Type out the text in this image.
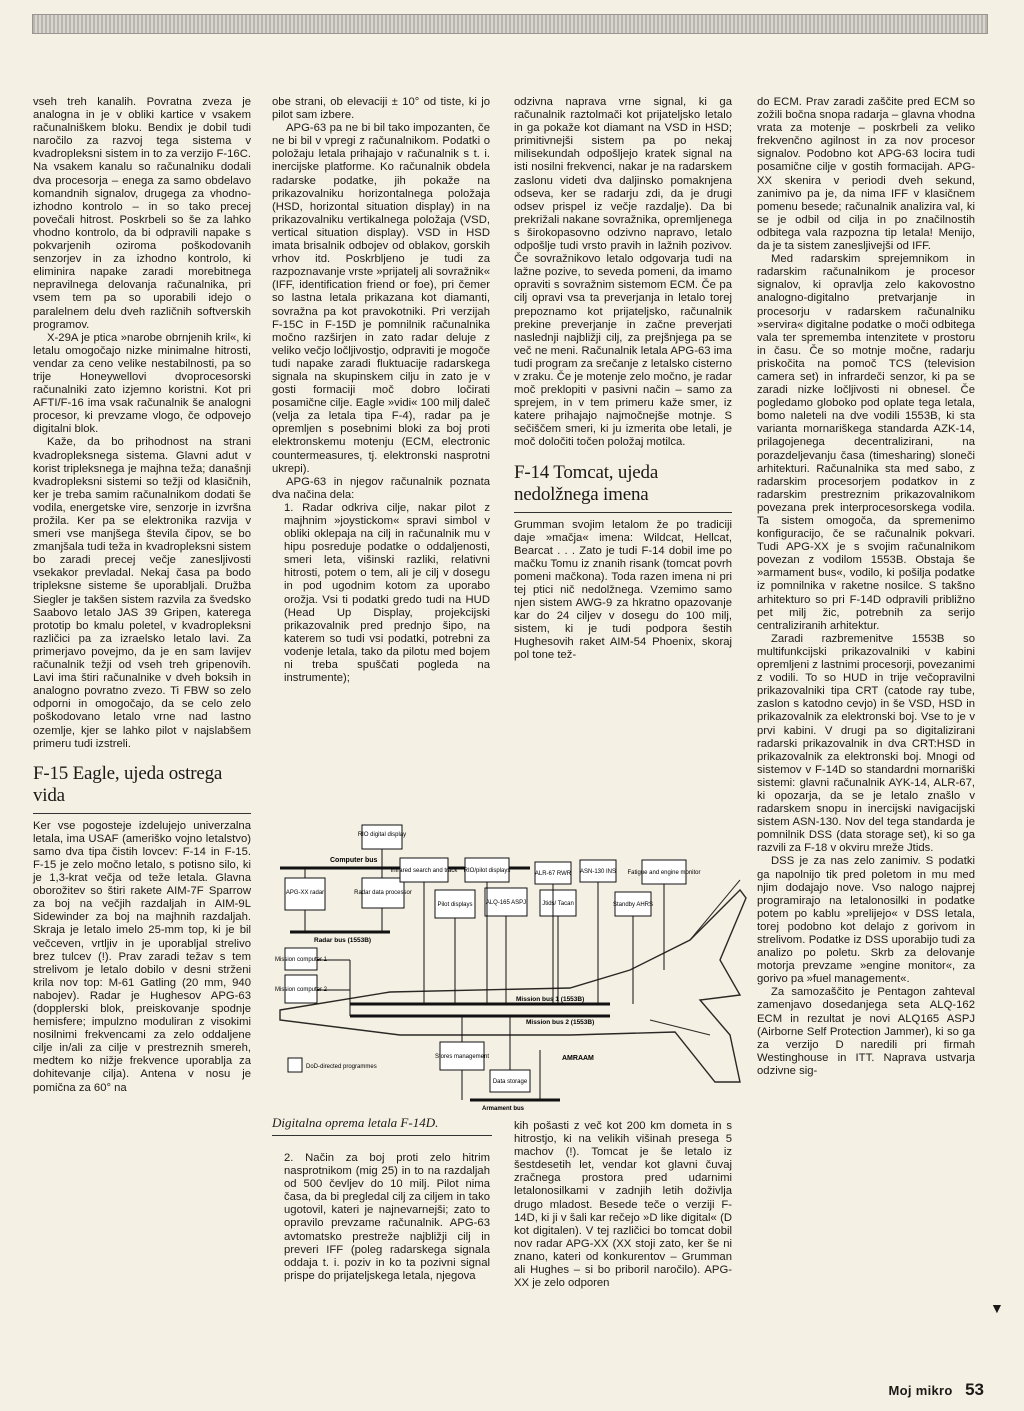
vseh treh kanalih. Povratna zveza je analogna in je v obliki kartice v vsakem računalniškem bloku. Bendix je dobil tudi naročilo za razvoj tega sistema v kvadropleksni sistem in to za verzijo F-16C. Na vsakem kanalu so računalniku dodali dva procesorja – enega za samo obdelavo komandnih signalov, drugega za vhodno-izhodno kontrolo – in so tako precej povečali hitrost. Poskrbeli so še za lahko vhodno kontrolo, da bi odpravili napake s pokvarjenih oziroma poškodovanih senzorjev in za izhodno kontrolo, ki eliminira napake zaradi morebitnega nepravilnega delovanja računalnika, pri vsem tem pa so uporabili idejo o paralelnem delu dveh različnih softverskih programov.

X-29A je ptica »narobe obrnjenih kril«, ki letalu omogočajo nizke minimalne hitrosti, vendar za ceno velike nestabilnosti, pa so trije Honeywellovi dvoprocesorski računalniki zato izjemno koristni. Kot pri AFTI/F-16 ima vsak računalnik še analogni procesor, ki prevzame vlogo, če odpovejo digitalni blok.

Kaže, da bo prihodnost na strani kvadropleksnega sistema. Glavni adut v korist tripleksnega je majhna teža; današnji kvadropleksni sistemi so težji od klasičnih, ker je treba samim računalnikom dodati še vodila, energetske vire, senzorje in izvršna prožila. Ker pa se elektronika razvija v smeri vse manjšega števila čipov, se bo zmanjšala tudi teža in kvadropleksni sistem bo zaradi precej večje zanesljivosti vsekakor prevladal. Nekaj časa pa bodo tripleksne sisteme še uporabljali. Družba Siegler je takšen sistem razvila za švedsko Saabovo letalo JAS 39 Gripen, katerega prototip bo kmalu poletel, v kvadropleksni različici pa za izraelsko letalo lavi. Za primerjavo povejmo, da je en sam lavijev računalnik težji od vseh treh gripenovih. Lavi ima štiri računalnike v dveh boksih in analogno povratno zvezo. Ti FBW so zelo odporni in omogočajo, da se celo zelo poškodovano letalo vrne nad lastno ozemlje, kjer se lahko pilot v najslabšem primeru tudi izstreli.

F-15 Eagle, ujeda ostrega vida

Ker vse pogosteje izdelujejo univerzalna letala, ima USAF (ameriško vojno letalstvo) samo dva tipa čistih lovcev: F-14 in F-15. F-15 je zelo močno letalo, s potisno silo, ki je 1,3-krat večja od teže letala. Glavna oborožitev so štiri rakete AIM-7F Sparrow za boj na večjih razdaljah in AIM-9L Sidewinder za boj na majhnih razdaljah. Skraja je letalo imelo 25-mm top, ki je bil večceven, vrtljiv in je uporabljal strelivo brez tulcev (!). Prav zaradi težav s tem strelivom je letalo dobilo v desni strženi krila nov top: M-61 Gatling (20 mm, 940 nabojev). Radar je Hughesov APG-63 (dopplerski blok, preiskovanje spodnje hemisfere; impulzno moduliran z visokimi nosilnimi frekvencami za zelo oddaljene cilje in/ali za cilje v prestreznih smereh, medtem ko nižje frekvence uporablja za dohitevanje cilja). Antena v nosu je pomična za 60° na

obe strani, ob elevaciji ± 10° od tiste, ki jo pilot sam izbere.

APG-63 pa ne bi bil tako impozanten, če ne bi bil v vpregi z računalnikom. Podatki o položaju letala prihajajo v računalnik s t. i. inercijske platforme. Ko računalnik obdela radarske podatke, jih pokaže na prikazovalniku horizontalnega položaja (HSD, horizontal situation display) in na prikazovalniku vertikalnega položaja (VSD, vertical situation display). VSD in HSD imata brisalnik odbojev od oblakov, gorskih vrhov itd. Poskrbljeno je tudi za razpoznavanje vrste »prijatelj ali sovražnik« (IFF, identification friend or foe), pri čemer so lastna letala prikazana kot diamanti, sovražna pa kot pravokotniki. Pri verzijah F-15C in F-15D je pomnilnik računalnika močno razširjen in zato radar deluje z veliko večjo ločljivostjo, odpraviti je mogoče tudi napake zaradi fluktuacije radarskega signala na skupinskem cilju in zato je v gosti formaciji moč dobro ločirati posamične cilje. Eagle »vidi« 100 milj daleč (velja za letala tipa F-4), radar pa je opremljen s posebnimi bloki za boj proti elektronskemu motenju (ECM, electronic countermeasures, tj. elektronski nasprotni ukrepi).

APG-63 in njegov računalnik poznata dva načina dela:

1. Radar odkriva cilje, nakar pilot z majhnim »joystickom« spravi simbol v obliki oklepaja na cilj in računalnik mu v hipu posreduje podatke o oddaljenosti, smeri leta, višinski razliki, relativni hitrosti, potem o tem, ali je cilj v dosegu in pod ugodnim kotom za uporabo orožja. Vsi ti podatki gredo tudi na HUD (Head Up Display, projekcijski prikazovalnik pred prednjo šipo, na katerem so tudi vsi podatki, potrebni za vodenje letala, tako da pilotu med bojem ni treba spuščati pogleda na instrumente);

odzivna naprava vrne signal, ki ga računalnik raztolmači kot prijateljsko letalo in ga pokaže kot diamant na VSD in HSD; primitivnejši sistem pa po nekaj milisekundah odpošljejo kratek signal na isti nosilni frekvenci, nakar je na radarskem zaslonu videti dva daljinsko pomaknjena odseva, ker se radarju zdi, da je drugi odsev prispel iz večje razdalje). Da bi prekrižali nakane sovražnika, opremljenega s širokopasovno odzivno napravo, letalo odpošlje tudi vrsto pravih in lažnih pozivov. Če sovražnikovo letalo odgovarja tudi na lažne pozive, to seveda pomeni, da imamo opraviti s sovražnim sistemom ECM. Če pa cilj opravi vsa ta preverjanja in letalo torej prepoznamo kot prijateljsko, računalnik prekine preverjanje in začne preverjati naslednji najbližji cilj, za prejšnjega pa se več ne meni. Računalnik letala APG-63 ima tudi program za srečanje z letalsko cisterno v zraku. Če je motenje zelo močno, je radar moč preklopiti v pasivni način – samo za sprejem, in v tem primeru kaže smer, iz katere prihajajo najmočnejše motnje. S sečiščem smeri, ki ju izmerita obe letali, je moč določiti točen položaj motilca.

F-14 Tomcat, ujeda nedolžnega imena

Grumman svojim letalom že po tradiciji daje »mačja« imena: Wildcat, Hellcat, Bearcat . . . Zato je tudi F-14 dobil ime po mačku Tomu iz znanih risank (tomcat povrh pomeni mačkona). Toda razen imena ni pri tej ptici nič nedolžnega. Vzemimo samo njen sistem AWG-9 za hkratno opazovanje kar do 24 ciljev v dosegu do 100 milj, sistem, ki je tudi podpora šestih Hughesovih raket AIM-54 Phoenix, skoraj pol tone tež-

do ECM. Prav zaradi zaščite pred ECM so zožili bočna snopa radarja – glavna vhodna vrata za motenje – poskrbeli za veliko frekvenčno agilnost in za nov procesor signalov. Podobno kot APG-63 locira tudi posamične cilje v gostih formacijah. APG-XX skenira v periodi dveh sekund, zanimivo pa je, da nima IFF v klasičnem pomenu besede; računalnik analizira val, ki se je odbil od cilja in po značilnostih odbitega vala razpozna tip letala! Menijo, da je ta sistem zanesljivejši od IFF.

Med radarskim sprejemnikom in radarskim računalnikom je procesor signalov, ki opravlja zelo kakovostno analogno-digitalno pretvarjanje in procesorju v radarskem računalniku »servira« digitalne podatke o moči odbitega vala ter sprememba intenzitete v prostoru in času. Če so motnje močne, radarju priskočita na pomoč TCS (television camera set) in infrardeči senzor, ki pa se zaradi nizke ločljivosti ni obnesel. Če pogledamo globoko pod oplate tega letala, bomo naleteli na dve vodili 1553B, ki sta varianta mornariškega standarda AZK-14, prilagojenega decentralizirani, na porazdeljevanju časa (timesharing) sloneči arhitekturi. Računalnika sta med sabo, z radarskim procesorjem podatkov in z radarskim prestreznim prikazovalnikom povezana prek interprocesorskega vodila. Ta sistem omogoča, da spremenimo konfiguracijo, če se računalnik pokvari. Tudi APG-XX je s svojim računalnikom povezan z vodilom 1553B. Obstaja še »armament bus«, vodilo, ki pošilja podatke iz pomnilnika v raketne nosilce. S takšno arhitekturo so pri F-14D odpravili približno pet milj žic, potrebnih za serijo centraliziranih arhitektur.

Zaradi razbremenitve 1553B so multifunkcijski prikazovalniki v kabini opremljeni z lastnimi procesorji, povezanimi z vodili. To so HUD in trije večopravilni prikazovalniki tipa CRT (catode ray tube, zaslon s katodno cevjo) in še VSD, HSD in prikazovalnik za elektronski boj. Vse to je v prvi kabini. V drugi pa so digitalizirani radarski prikazovalnik in dva CRT:HSD in prikazovalnik za elektronski boj. Mnogi od sistemov v F-14D so standardni mornariški sistemi: glavni računalnik AYK-14, ALR-67, ki opozarja, da se je letalo znašlo v radarskem snopu in inercijski navigacijski sistem ASN-130. Nov del tega standarda je pomnilnik DSS (data storage set), ki so ga razvili za F-18 v okviru mreže Jtids.

DSS je za nas zelo zanimiv. S podatki ga napolnijo tik pred poletom in mu med njim dodajajo nove. Vso nalogo najprej programirajo na letalonosilki in podatke potem po kablu »prelijejo« v DSS letala, torej podobno kot delajo z gorivom in strelivom. Podatke iz DSS uporabijo tudi za analizo po poletu. Skrb za delovanje motorja prevzame »engine monitor«, za gorivo pa »fuel management«.

Za samozaščito je Pentagon zahteval zamenjavo dosedanjega seta ALQ-162 ECM in rezultat je novi ALQ165 ASPJ (Airborne Self Protection Jammer), ki so ga za verzijo D naredili pri firmah Westinghouse in ITT. Naprava ustvarja odzivne sig-

Computer bus
Radar bus (1553B)
Mission bus 1 (1553B)
Mission bus 2 (1553B)
Armament bus
RIO digital display
APG-XX radar	Radar data processor
Infrared search and track
Pilot displays
RIO/pilot displays
ALQ-165 ASPJ
ALR-67 RWR
Jtids/ Tacan
ASN-130 INS
Standby AHRS
Fatigue and engine monitor
Mission computer 1
Mission computer 2
Stores management
Data storage
DoD-directed programmes
AMRAAM
Digitalna oprema letala F-14D.

2. Način za boj proti zelo hitrim nasprotnikom (mig 25) in to na razdaljah od 500 čevljev do 10 milj. Pilot nima časa, da bi pregledal cilj za ciljem in tako ugotovil, kateri je najnevarnejši; zato to opravilo prevzame računalnik. APG-63 avtomatsko prestreže najbližji cilj in preveri IFF (poleg radarskega signala oddaja t. i. poziv in ko ta pozivni signal prispe do prijateljskega letala, njegova

kih pošasti z več kot 200 km dometa in s hitrostjo, ki na velikih višinah presega 5 machov (!). Tomcat je še letalo iz šestdesetih let, vendar kot glavni čuvaj zračnega prostora pred udarnimi letalonosilkami v zadnjih letih doživlja drugo mladost. Besede teče o verziji F-14D, ki ji v šali kar rečejo »D like digital« (D kot digitalen). V tej različici bo tomcat dobil nov radar APG-XX (XX stoji zato, ker še ni znano, kateri od konkurentov – Grumman ali Hughes – si bo priboril naročilo). APG-XX je zelo odporen

▼
Moj mikro 53
